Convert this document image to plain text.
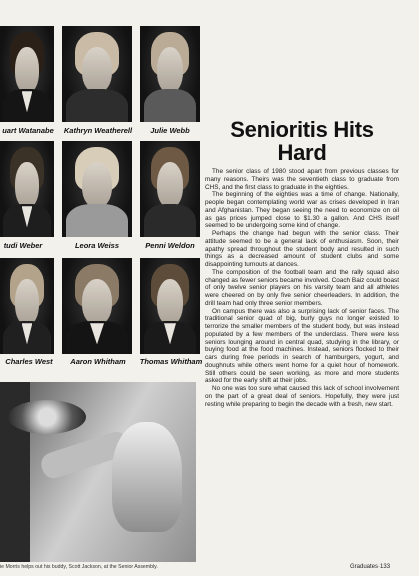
uart Watanabe	Kathryn Weatherell	Julie Webb
tudi Weber	Leora Weiss	Penni Weldon
Charles West	Aaron Whitham	Thomas Whitham
Senioritis Hits
Hard

The senior class of 1980 stood apart from previous classes for many reasons. Theirs was the seventieth class to graduate from CHS, and the first class to graduate in the eighties.

The beginning of the eighties was a time of change. Nationally, people began contemplating world war as crises developed in Iran and Afghanistan. They began seeing the need to economize on oil as gas prices jumped close to $1.30 a gallon. And CHS itself seemed to be undergoing some kind of change.

Perhaps the change had begun with the senior class. Their attitude seemed to be a general lack of enthusiasm. Soon, their apathy spread throughout the student body and resulted in such things as a decreased amount of student clubs and some disappointing turnouts at dances.

The composition of the football team and the rally squad also changed as fewer seniors became involved. Coach Baiz could boast of only twelve senior players on his varsity team and all athletes were cheered on by only five senior cheerleaders. In addition, the drill team had only three senior members.

On campus there was also a surprising lack of senior faces. The traditional senior quad of big, burly guys no longer existed to terrorize the smaller members of the student body, but was instead populated by a few members of the underclass. There were less seniors lounging around in central quad, studying in the library, or buying food at the food machines. Instead, seniors flocked to their cars during free periods in search of hamburgers, yogurt, and doughnuts while others went home for a quiet hour of homework. Still others could be seen working, as more and more students asked for the early shift at their jobs.

No one was too sure what caused this lack of school involvement on the part of a great deal of seniors. Hopefully, they were just resting while preparing to begin the decade with a fresh, new start.

ie Morris helps out his buddy, Scott Jackson, at the Senior Assembly.	Graduates·133
